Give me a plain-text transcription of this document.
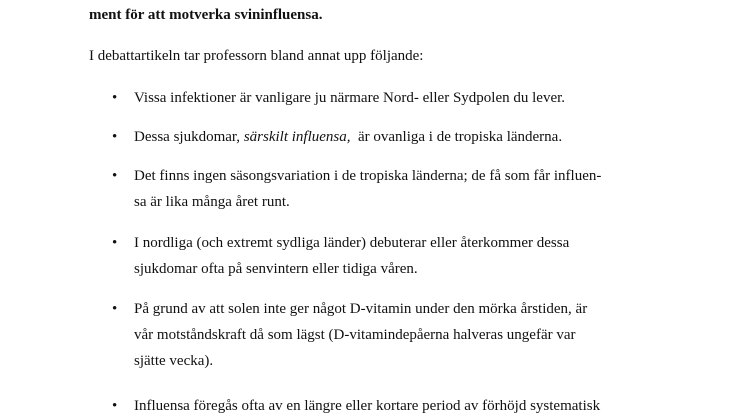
ment för att motverka svininfluensa.
I debattartikeln tar professorn bland annat upp följande:
• Vissa infektioner är vanligare ju närmare Nord- eller Sydpolen du lever.
• Dessa sjukdomar, särskilt influensa,  är ovanliga i de tropiska länderna.
• Det finns ingen säsongsvariation i de tropiska länderna; de få som får influen-
sa är lika många året runt.
• I nordliga (och extremt sydliga länder) debuterar eller återkommer dessa
sjukdomar ofta på senvintern eller tidiga våren.
• På grund av att solen inte ger något D-vitamin under den mörka årstiden, är
vår motståndskraft då som lägst (D-vitamindepåerna halveras ungefär var
sjätte vecka).
• Influensa föregås ofta av en längre eller kortare period av förhöjd systematisk
